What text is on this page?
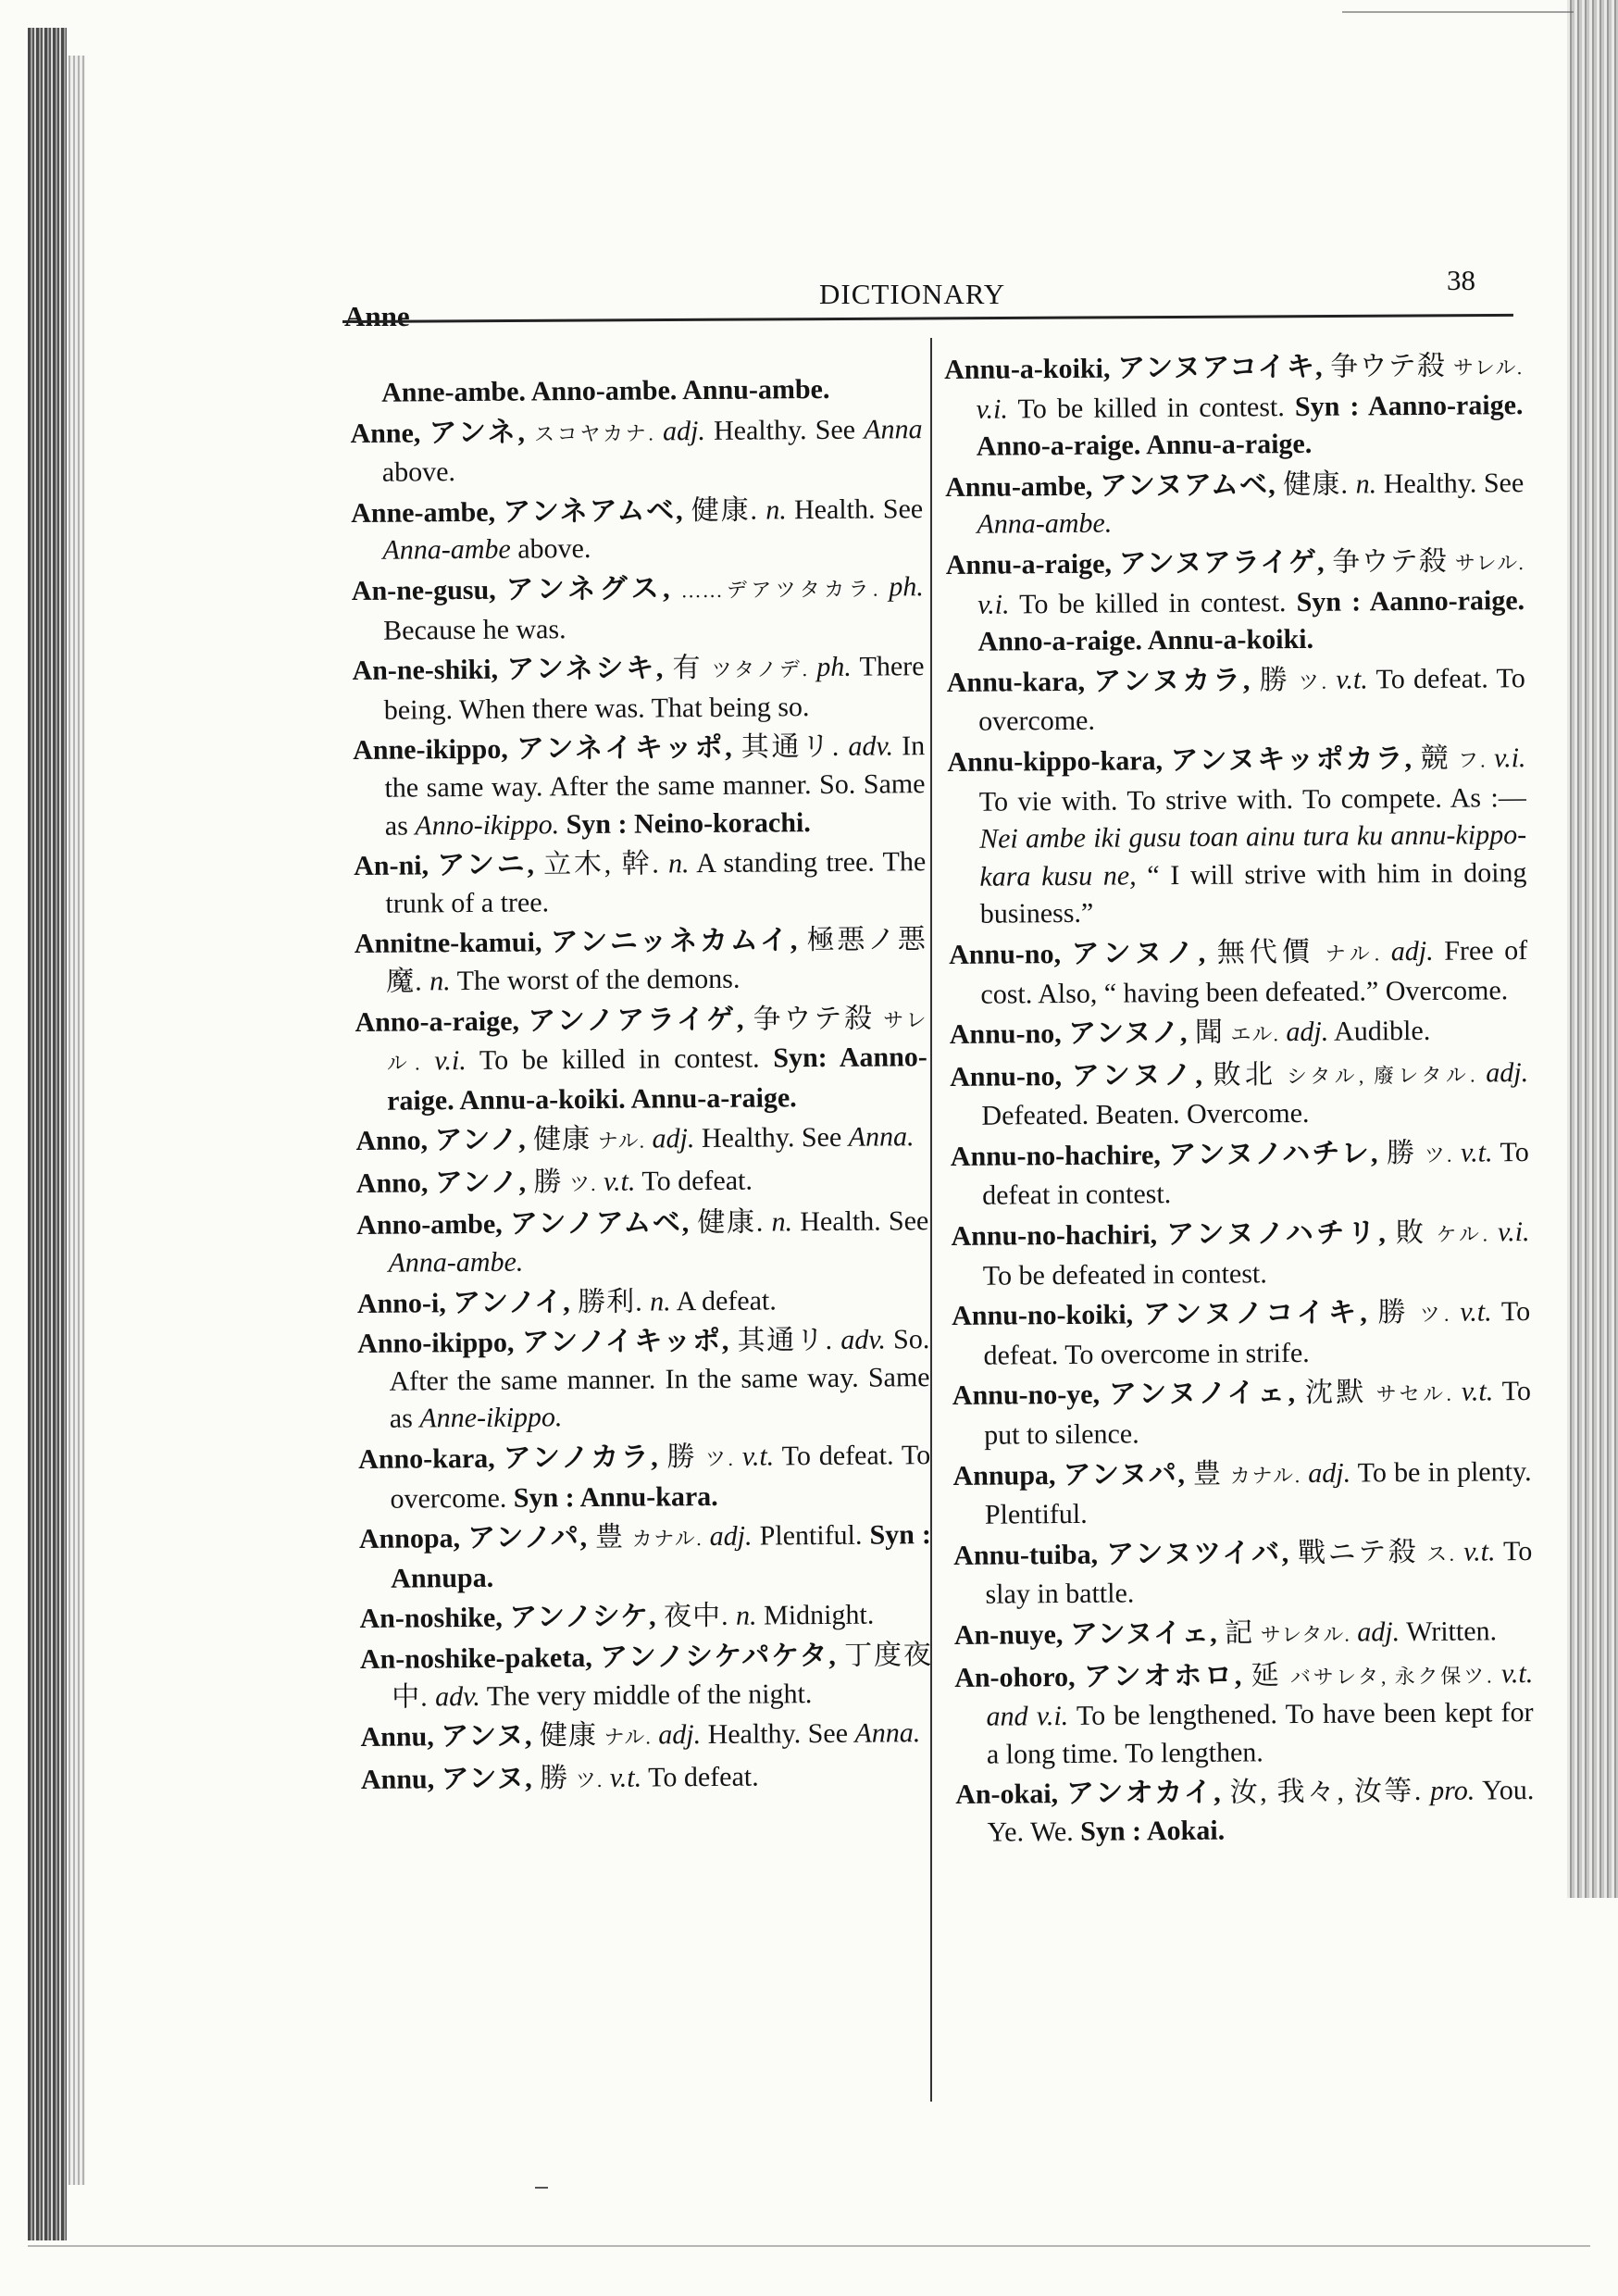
Anne
DICTIONARY	38

Anne-ambe. Anno-ambe. Annu-ambe.

Anne, アンネ, スコヤカナ. adj. Healthy. See Anna above.

Anne-ambe, アンネアムベ, 健康. n. Health. See Anna-ambe above.

An-ne-gusu, アンネグス, ……デアツタカラ. ph. Because he was.

An-ne-shiki, アンネシキ, 有 ツタノデ. ph. There being. When there was. That being so.

Anne-ikippo, アンネイキッポ, 其通リ. adv. In the same way. After the same manner. So. Same as Anno-ikippo. Syn : Neino-korachi.

An-ni, アンニ, 立木, 幹. n. A standing tree. The trunk of a tree.

Annitne-kamui, アンニッネカムイ, 極悪ノ悪魔. n. The worst of the demons.

Anno-a-raige, アンノアライゲ, 争ウテ殺 サレル. v.i. To be killed in contest. Syn: Aanno-raige. Annu-a-koiki. Annu-a-raige.

Anno, アンノ, 健康 ナル. adj. Healthy. See Anna.

Anno, アンノ, 勝 ツ. v.t. To defeat.

Anno-ambe, アンノアムベ, 健康. n. Health. See Anna-ambe.

Anno-i, アンノイ, 勝利. n. A defeat.

Anno-ikippo, アンノイキッポ, 其通リ. adv. So. After the same manner. In the same way. Same as Anne-ikippo.

Anno-kara, アンノカラ, 勝 ツ. v.t. To defeat. To overcome. Syn : Annu-kara.

Annopa, アンノパ, 豊 カナル. adj. Plentiful. Syn : Annupa.

An-noshike, アンノシケ, 夜中. n. Midnight.

An-noshike-paketa, アンノシケパケタ, 丁度夜中. adv. The very middle of the night.

Annu, アンヌ, 健康 ナル. adj. Healthy. See Anna.

Annu, アンヌ, 勝 ツ. v.t. To defeat.

Annu-a-koiki, アンヌアコイキ, 争ウテ殺 サレル. v.i. To be killed in contest. Syn : Aanno-raige. Anno-a-raige. Annu-a-raige.

Annu-ambe, アンヌアムベ, 健康. n. Healthy. See Anna-ambe.

Annu-a-raige, アンヌアライゲ, 争ウテ殺 サレル. v.i. To be killed in contest. Syn : Aanno-raige. Anno-a-raige. Annu-a-koiki.

Annu-kara, アンヌカラ, 勝 ツ. v.t. To defeat. To overcome.

Annu-kippo-kara, アンヌキッポカラ, 競 フ. v.i. To vie with. To strive with. To compete. As :— Nei ambe iki gusu toan ainu tura ku annu-kippo-kara kusu ne, “ I will strive with him in doing business.”

Annu-no, アンヌノ, 無代價 ナル. adj. Free of cost. Also, “ having been defeated.” Overcome.

Annu-no, アンヌノ, 聞 エル. adj. Audible.

Annu-no, アンヌノ, 敗北 シタル, 廢レタル. adj. Defeated. Beaten. Overcome.

Annu-no-hachire, アンヌノハチレ, 勝 ツ. v.t. To defeat in contest.

Annu-no-hachiri, アンヌノハチリ, 敗 ケル. v.i. To be defeated in contest.

Annu-no-koiki, アンヌノコイキ, 勝 ツ. v.t. To defeat. To overcome in strife.

Annu-no-ye, アンヌノイェ, 沈默 サセル. v.t. To put to silence.

Annupa, アンヌパ, 豊 カナル. adj. To be in plenty. Plentiful.

Annu-tuiba, アンヌツイバ, 戰ニテ殺 ス. v.t. To slay in battle.

An-nuye, アンヌイェ, 記 サレタル. adj. Written.

An-ohoro, アンオホロ, 延 バサレタ, 永ク保ツ. v.t. and v.i. To be lengthened. To have been kept for a long time. To lengthen.

An-okai, アンオカイ, 汝, 我々, 汝等. pro. You. Ye. We. Syn : Aokai.
